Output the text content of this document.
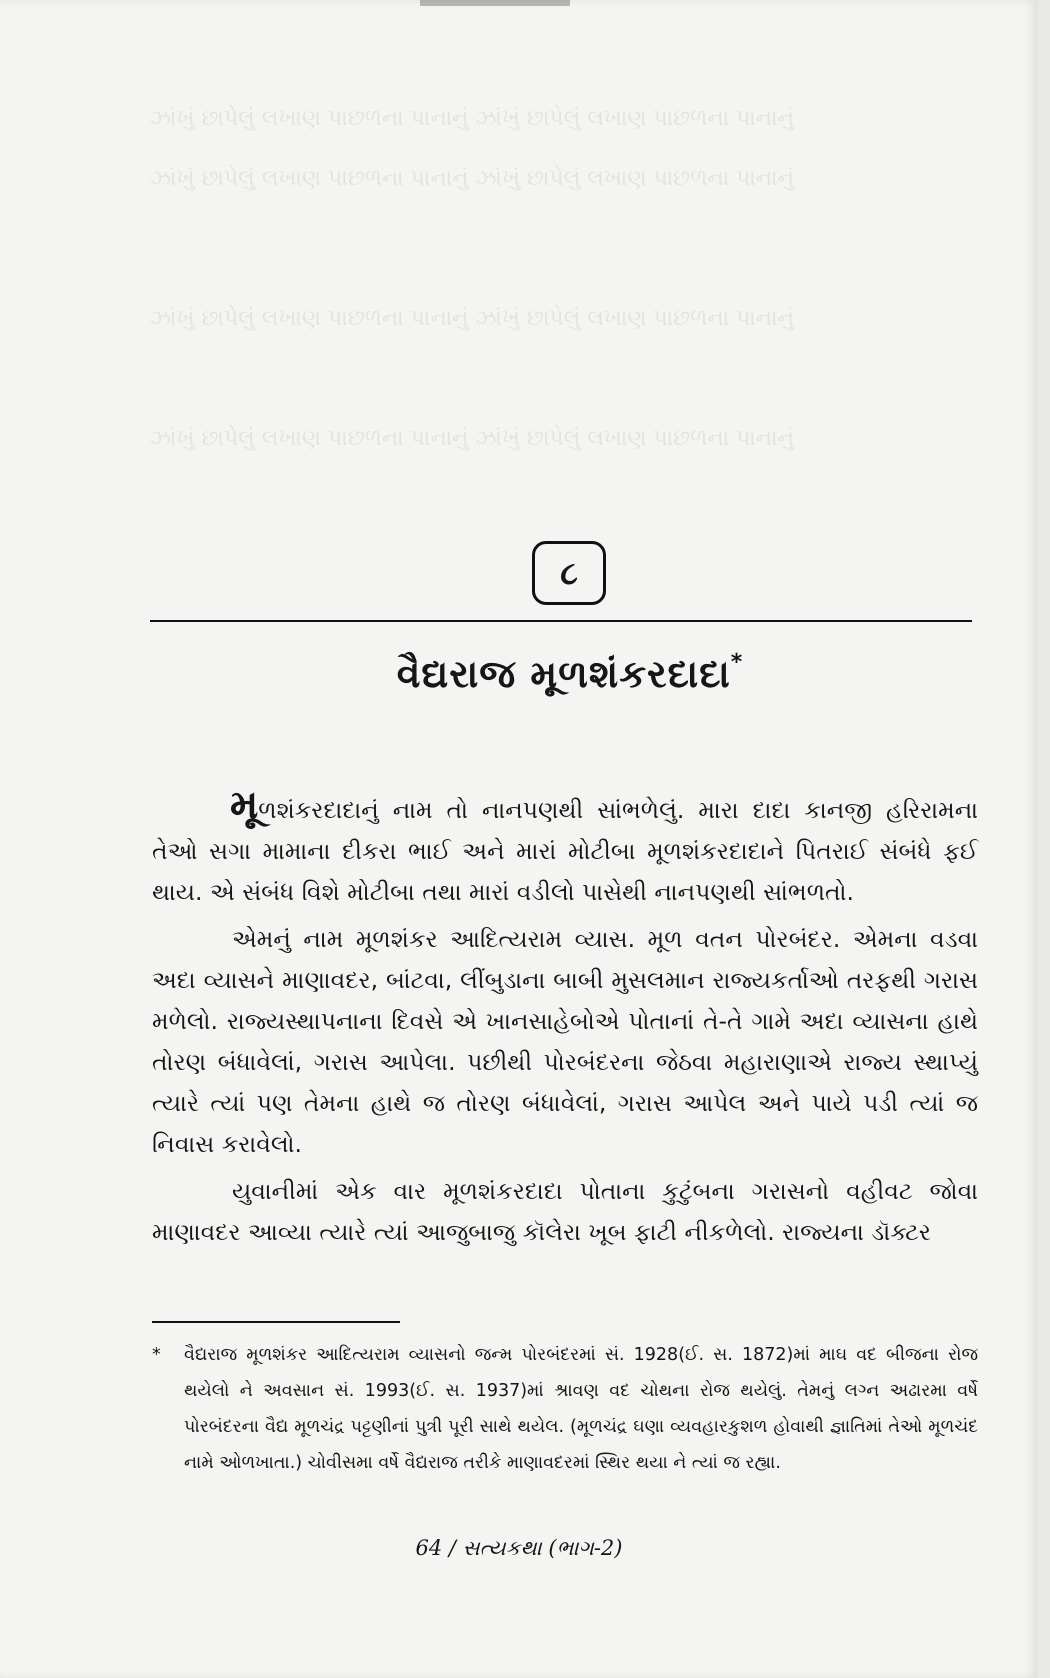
ઝાંખું છાપેલું લખાણ પાછળના પાનાનું ઝાંખું છાપેલું લખાણ પાછળના પાનાનું
ઝાંખું છાપેલું લખાણ પાછળના પાનાનું ઝાંખું છાપેલું લખાણ પાછળના પાનાનું
ઝાંખું છાપેલું લખાણ પાછળના પાનાનું ઝાંખું છાપેલું લખાણ પાછળના પાનાનું
ઝાંખું છાપેલું લખાણ પાછળના પાનાનું ઝાંખું છાપેલું લખાણ પાછળના પાનાનું
૮
વૈદ્યરાજ મૂળશંકરદાદા*

મૂળશંકરદાદાનું નામ તો નાનપણથી સાંભળેલું. મારા દાદા કાનજી હરિરામના તેઓ સગા મામાના દીકરા ભાઈ અને મારાં મોટીબા મૂળશંકરદાદાને પિતરાઈ સંબંધે ફઈ થાય. એ સંબંધ વિશે મોટીબા તથા મારાં વડીલો પાસેથી નાનપણથી સાંભળતો.

એમનું નામ મૂળશંકર આદિત્યરામ વ્યાસ. મૂળ વતન પોરબંદર. એમના વડવા અદા વ્યાસને માણાવદર, બાંટવા, લીંબુડાના બાબી મુસલમાન રાજ્યકર્તાઓ તરફથી ગરાસ મળેલો. રાજ્યસ્થાપનાના દિવસે એ ખાનસાહેબોએ પોતાનાં તે-તે ગામે અદા વ્યાસના હાથે તોરણ બંધાવેલાં, ગરાસ આપેલા. પછીથી પોરબંદરના જેઠવા મહારાણાએ રાજ્ય સ્થાપ્યું ત્યારે ત્યાં પણ તેમના હાથે જ તોરણ બંધાવેલાં, ગરાસ આપેલ અને પાયે પડી ત્યાં જ નિવાસ કરાવેલો.

યુવાનીમાં એક વાર મૂળશંકરદાદા પોતાના કુટુંબના ગરાસનો વહીવટ જોવા માણાવદર આવ્યા ત્યારે ત્યાં આજુબાજુ કૉલેરા ખૂબ ફાટી નીકળેલો. રાજ્યના ડૉક્ટર

* વૈદ્યરાજ મૂળશંકર આદિત્યરામ વ્યાસનો જન્મ પોરબંદરમાં સં. 1928(ઈ. સ. 1872)માં માઘ વદ બીજના રોજ થયેલો ને અવસાન સં. 1993(ઈ. સ. 1937)માં શ્રાવણ વદ ચોથના રોજ થયેલું. તેમનું લગ્ન અઢારમા વર્ષે પોરબંદરના વૈદ્ય મૂળચંદ્ર પટ્ટણીનાં પુત્રી પૂરી સાથે થયેલ. (મૂળચંદ્ર ઘણા વ્યવહારકુશળ હોવાથી જ્ઞાતિમાં તેઓ મૂળચંદ નામે ઓળખાતા.) ચોવીસમા વર્ષે વૈદ્યરાજ તરીકે માણાવદરમાં સ્થિર થયા ને ત્યાં જ રહ્યા.
64 / સત્યકથા (ભાગ-2)
